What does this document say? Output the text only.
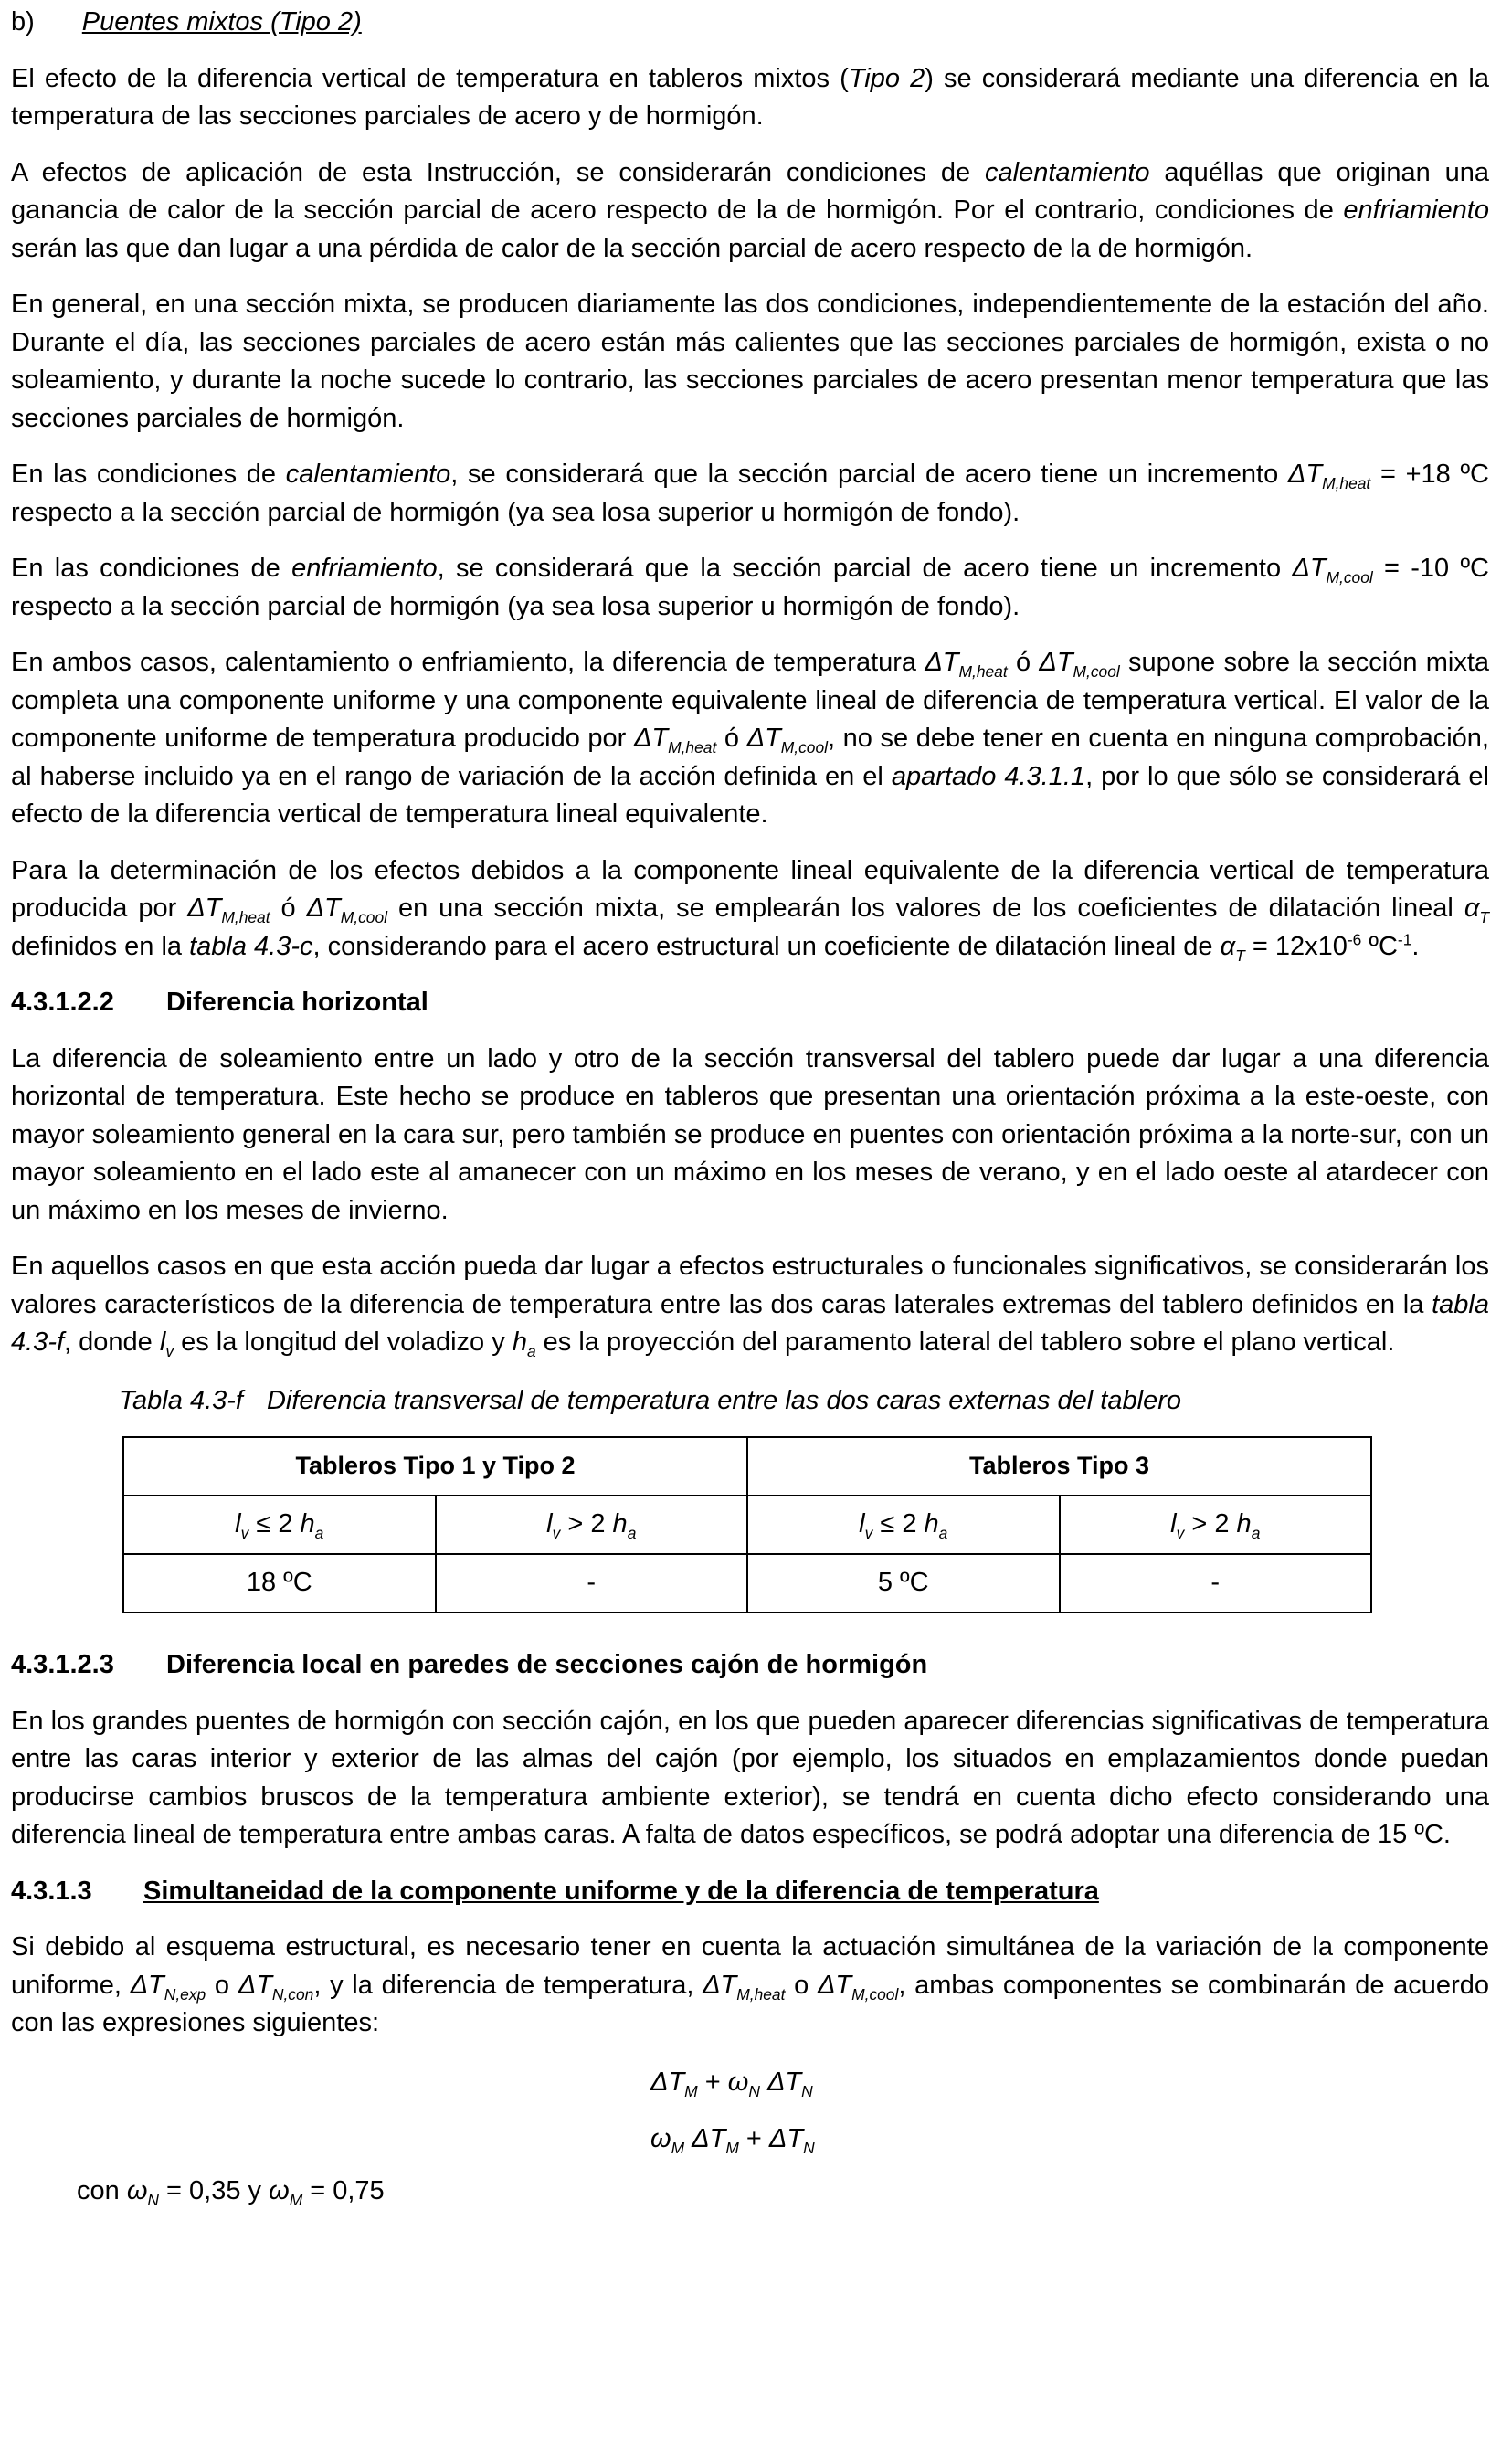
b) Puentes mixtos (Tipo 2)

El efecto de la diferencia vertical de temperatura en tableros mixtos (Tipo 2) se considerará mediante una diferencia en la temperatura de las secciones parciales de acero y de hormigón.

A efectos de aplicación de esta Instrucción, se considerarán condiciones de calentamiento aquéllas que originan una ganancia de calor de la sección parcial de acero respecto de la de hormigón. Por el contrario, condiciones de enfriamiento serán las que dan lugar a una pérdida de calor de la sección parcial de acero respecto de la de hormigón.

En general, en una sección mixta, se producen diariamente las dos condiciones, independientemente de la estación del año. Durante el día, las secciones parciales de acero están más calientes que las secciones parciales de hormigón, exista o no soleamiento, y durante la noche sucede lo contrario, las secciones parciales de acero presentan menor temperatura que las secciones parciales de hormigón.

En las condiciones de calentamiento, se considerará que la sección parcial de acero tiene un incremento $\Delta T_{M,heat} = +18$ ºC respecto a la sección parcial de hormigón (ya sea losa superior u hormigón de fondo).

En las condiciones de enfriamiento, se considerará que la sección parcial de acero tiene un incremento $\Delta T_{M,cool} = -10$ ºC respecto a la sección parcial de hormigón (ya sea losa superior u hormigón de fondo).

En ambos casos, calentamiento o enfriamiento, la diferencia de temperatura $\Delta T_{M,heat}$ ó $\Delta T_{M,cool}$ supone sobre la sección mixta completa una componente uniforme y una componente equivalente lineal de diferencia de temperatura vertical. El valor de la componente uniforme de temperatura producido por $\Delta T_{M,heat}$ ó $\Delta T_{M,cool}$, no se debe tener en cuenta en ninguna comprobación, al haberse incluido ya en el rango de variación de la acción definida en el apartado 4.3.1.1, por lo que sólo se considerará el efecto de la diferencia vertical de temperatura lineal equivalente.

Para la determinación de los efectos debidos a la componente lineal equivalente de la diferencia vertical de temperatura producida por $\Delta T_{M,heat}$ ó $\Delta T_{M,cool}$ en una sección mixta, se emplearán los valores de los coeficientes de dilatación lineal $\alpha_T$ definidos en la tabla 4.3-c, considerando para el acero estructural un coeficiente de dilatación lineal de $\alpha_T = 12x10^{-6}$ ºC$^{-1}$.

4.3.1.2.2	Diferencia horizontal

La diferencia de soleamiento entre un lado y otro de la sección transversal del tablero puede dar lugar a una diferencia horizontal de temperatura. Este hecho se produce en tableros que presentan una orientación próxima a la este-oeste, con mayor soleamiento general en la cara sur, pero también se produce en puentes con orientación próxima a la norte-sur, con un mayor soleamiento en el lado este al amanecer con un máximo en los meses de verano, y en el lado oeste al atardecer con un máximo en los meses de invierno.

En aquellos casos en que esta acción pueda dar lugar a efectos estructurales o funcionales significativos, se considerarán los valores característicos de la diferencia de temperatura entre las dos caras laterales extremas del tablero definidos en la tabla 4.3-f, donde $l_v$ es la longitud del voladizo y $h_a$ es la proyección del paramento lateral del tablero sobre el plano vertical.

Tabla 4.3-f Diferencia transversal de temperatura entre las dos caras externas del tablero
Tableros Tipo 1 y Tipo 2		Tableros Tipo 3	
$l_v \le 2$ $h_a$	$l_v > 2$ $h_a$	$l_v \le 2$ $h_a$	$l_v > 2$ $h_a$
18 ºC	-	5 ºC	-
4.3.1.2.3	Diferencia local en paredes de secciones cajón de hormigón

En los grandes puentes de hormigón con sección cajón, en los que pueden aparecer diferencias significativas de temperatura entre las caras interior y exterior de las almas del cajón (por ejemplo, los situados en emplazamientos donde puedan producirse cambios bruscos de la temperatura ambiente exterior), se tendrá en cuenta dicho efecto considerando una diferencia lineal de temperatura entre ambas caras. A falta de datos específicos, se podrá adoptar una diferencia de 15 ºC.

4.3.1.3	Simultaneidad de la componente uniforme y de la diferencia de temperatura

Si debido al esquema estructural, es necesario tener en cuenta la actuación simultánea de la variación de la componente uniforme, $\Delta T_{N,exp}$ o $\Delta T_{N,con}$, y la diferencia de temperatura, $\Delta T_{M,heat}$ o $\Delta T_{M,cool}$, ambas componentes se combinarán de acuerdo con las expresiones siguientes:

$\Delta T_M + \omega_N$ $\Delta T_N$
$\omega_M$ $\Delta T_M + \Delta T_N$

con $\omega_N = 0,35$ y $\omega_M = 0,75$
